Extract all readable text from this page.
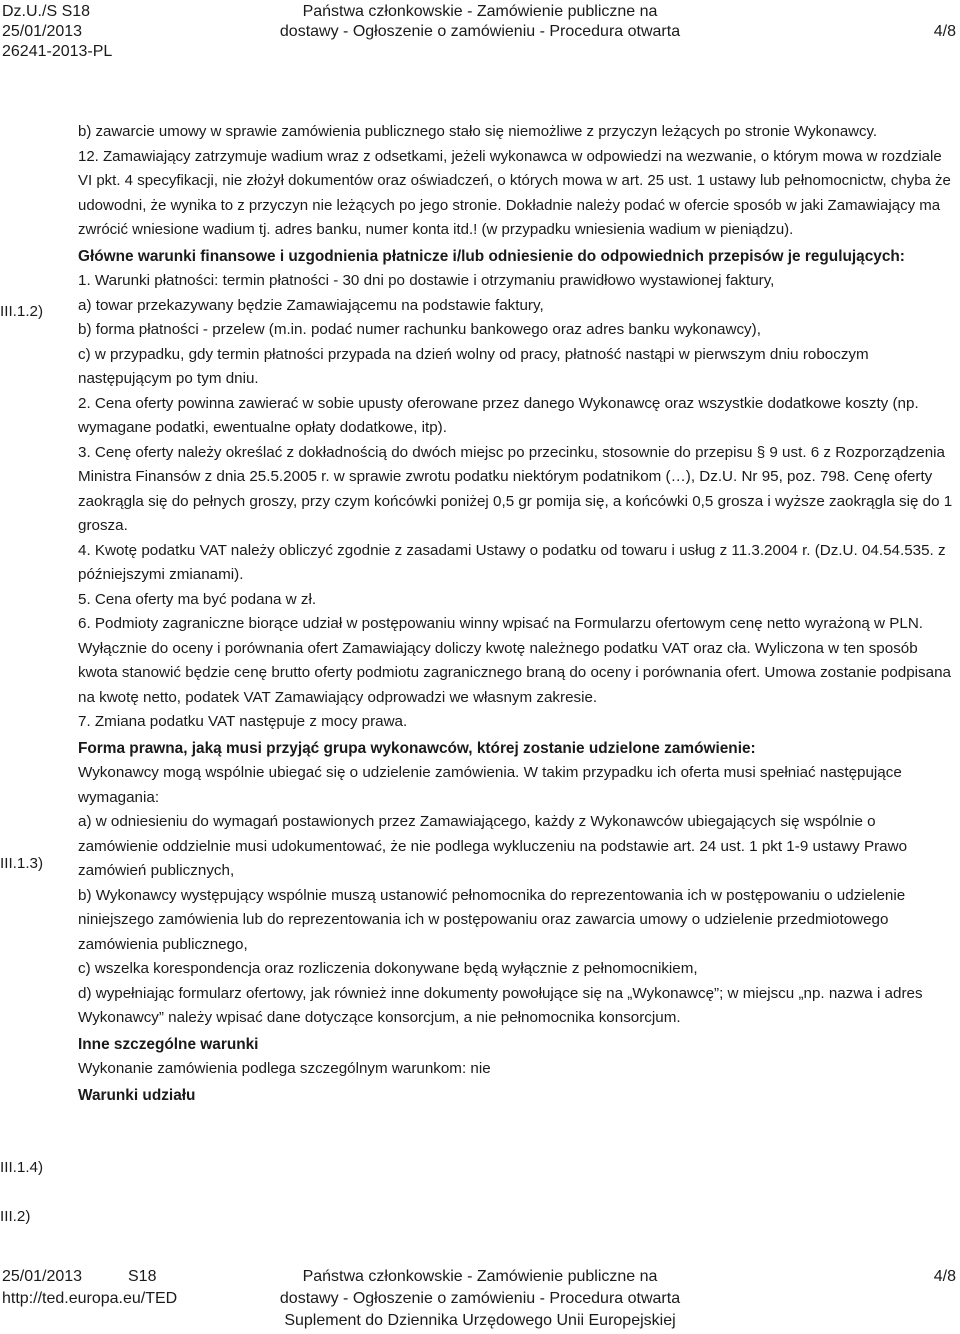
Dz.U./S S18
25/01/2013
26241-2013-PL
Państwa członkowskie - Zamówienie publiczne na
dostawy - Ogłoszenie o zamówieniu - Procedura otwarta	4/8
III.1.2)
III.1.3)
III.1.4)
III.2)

b) zawarcie umowy w sprawie zamówienia publicznego stało się niemożliwe z przyczyn leżących po stronie Wykonawcy.

12. Zamawiający zatrzymuje wadium wraz z odsetkami, jeżeli wykonawca w odpowiedzi na wezwanie, o którym mowa w rozdziale VI pkt. 4 specyfikacji, nie złożył dokumentów oraz oświadczeń, o których mowa w art. 25 ust. 1 ustawy lub pełnomocnictw, chyba że udowodni, że wynika to z przyczyn nie leżących po jego stronie. Dokładnie należy podać w ofercie sposób w jaki Zamawiający ma zwrócić wniesione wadium tj. adres banku, numer konta itd.! (w przypadku wniesienia wadium w pieniądzu).

Główne warunki finansowe i uzgodnienia płatnicze i/lub odniesienie do odpowiednich przepisów je regulujących:

1. Warunki płatności: termin płatności - 30 dni po dostawie i otrzymaniu prawidłowo wystawionej faktury,

a) towar przekazywany będzie Zamawiającemu na podstawie faktury,

b) forma płatności - przelew (m.in. podać numer rachunku bankowego oraz adres banku wykonawcy),

c) w przypadku, gdy termin płatności przypada na dzień wolny od pracy, płatność nastąpi w pierwszym dniu roboczym następującym po tym dniu.

2. Cena oferty powinna zawierać w sobie upusty oferowane przez danego Wykonawcę oraz wszystkie dodatkowe koszty (np. wymagane podatki, ewentualne opłaty dodatkowe, itp).

3. Cenę oferty należy określać z dokładnością do dwóch miejsc po przecinku, stosownie do przepisu § 9 ust. 6 z Rozporządzenia Ministra Finansów z dnia 25.5.2005 r. w sprawie zwrotu podatku niektórym podatnikom (…), Dz.U. Nr 95, poz. 798. Cenę oferty zaokrągla się do pełnych groszy, przy czym końcówki poniżej 0,5 gr pomija się, a końcówki 0,5 grosza i wyższe zaokrągla się do 1 grosza.

4. Kwotę podatku VAT należy obliczyć zgodnie z zasadami Ustawy o podatku od towaru i usług z 11.3.2004 r. (Dz.U. 04.54.535. z późniejszymi zmianami).

5. Cena oferty ma być podana w zł.

6. Podmioty zagraniczne biorące udział w postępowaniu winny wpisać na Formularzu ofertowym cenę netto wyrażoną w PLN. Wyłącznie do oceny i porównania ofert Zamawiający doliczy kwotę należnego podatku VAT oraz cła. Wyliczona w ten sposób kwota stanowić będzie cenę brutto oferty podmiotu zagranicznego braną do oceny i porównania ofert. Umowa zostanie podpisana na kwotę netto, podatek VAT Zamawiający odprowadzi we własnym zakresie.

7. Zmiana podatku VAT następuje z mocy prawa.

Forma prawna, jaką musi przyjąć grupa wykonawców, której zostanie udzielone zamówienie:

Wykonawcy mogą wspólnie ubiegać się o udzielenie zamówienia. W takim przypadku ich oferta musi spełniać następujące wymagania:

a) w odniesieniu do wymagań postawionych przez Zamawiającego, każdy z Wykonawców ubiegających się wspólnie o zamówienie oddzielnie musi udokumentować, że nie podlega wykluczeniu na podstawie art. 24 ust. 1 pkt 1-9 ustawy Prawo zamówień publicznych,

b) Wykonawcy występujący wspólnie muszą ustanowić pełnomocnika do reprezentowania ich w postępowaniu o udzielenie niniejszego zamówienia lub do reprezentowania ich w postępowaniu oraz zawarcia umowy o udzielenie przedmiotowego zamówienia publicznego,

c) wszelka korespondencja oraz rozliczenia dokonywane będą wyłącznie z pełnomocnikiem,

d) wypełniając formularz ofertowy, jak również inne dokumenty powołujące się na „Wykonawcę”; w miejscu „np. nazwa i adres Wykonawcy” należy wpisać dane dotyczące konsorcjum, a nie pełnomocnika konsorcjum.

Inne szczególne warunki

Wykonanie zamówienia podlega szczególnym warunkom: nie

Warunki udziału

25/01/2013	S18
http://ted.europa.eu/TED
Państwa członkowskie - Zamówienie publiczne na
dostawy - Ogłoszenie o zamówieniu - Procedura otwarta
Suplement do Dziennika Urzędowego Unii Europejskiej
4/8
